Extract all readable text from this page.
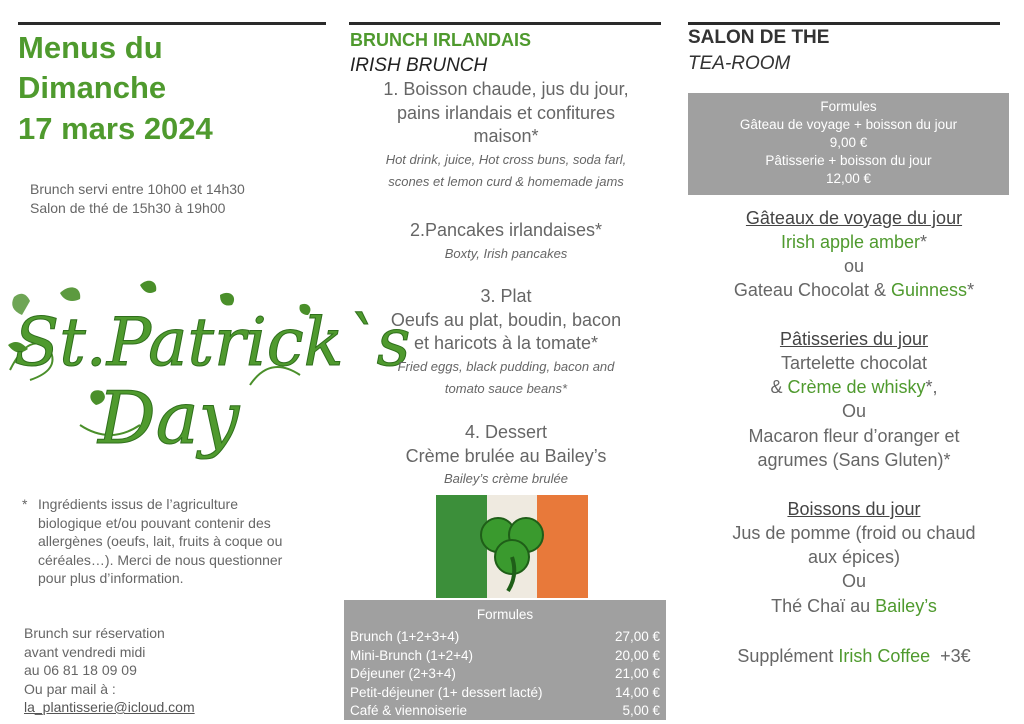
Menus du
Dimanche
17 mars 2024
Brunch servi entre 10h00 et 14h30
Salon de thé de 15h30 à 19h00
St.Patrick`s
Day
* Ingrédients issus de l’agriculture
biologique et/ou pouvant contenir des
allergènes (oeufs, lait, fruits à coque ou
céréales…). Merci de nous questionner
pour plus d’information.
Brunch sur réservation
avant vendredi midi
au 06 81 18 09 09
Ou par mail à :
la_plantisserie@icloud.com
BRUNCH IRLANDAIS
IRISH BRUNCH
1. Boisson chaude, jus du jour,
pains irlandais et confitures
maison*
Hot drink, juice, Hot cross buns, soda farl,
scones et lemon curd & homemade jams
2.Pancakes irlandaises*
Boxty, Irish pancakes
3. Plat
Oeufs au plat, boudin, bacon
et haricots à la tomate*
Fried eggs, black pudding, bacon and
tomato sauce beans*
4. Dessert
Crème brulée au Bailey’s
Bailey’s crème brulée
Formules
Brunch (1+2+3+4)	27,00 €
Mini-Brunch (1+2+4)	20,00 €
Déjeuner (2+3+4)	21,00 €
Petit-déjeuner (1+ dessert lacté)	14,00 €
Café & viennoiserie	5,00 €
SALON DE THE
TEA-ROOM
Formules
Gâteau de voyage + boisson du jour
9,00 €
Pâtisserie + boisson du jour
12,00 €
Gâteaux de voyage du jour
Irish apple amber*
ou
Gateau Chocolat & Guinness*
Pâtisseries du jour
Tartelette chocolat
& Crème de whisky*,
Ou
Macaron fleur d’oranger et
agrumes (Sans Gluten)*
Boissons du jour
Jus de pomme (froid ou chaud
aux épices)
Ou
Thé Chaï au Bailey’s
Supplément Irish Coffee  +3€
